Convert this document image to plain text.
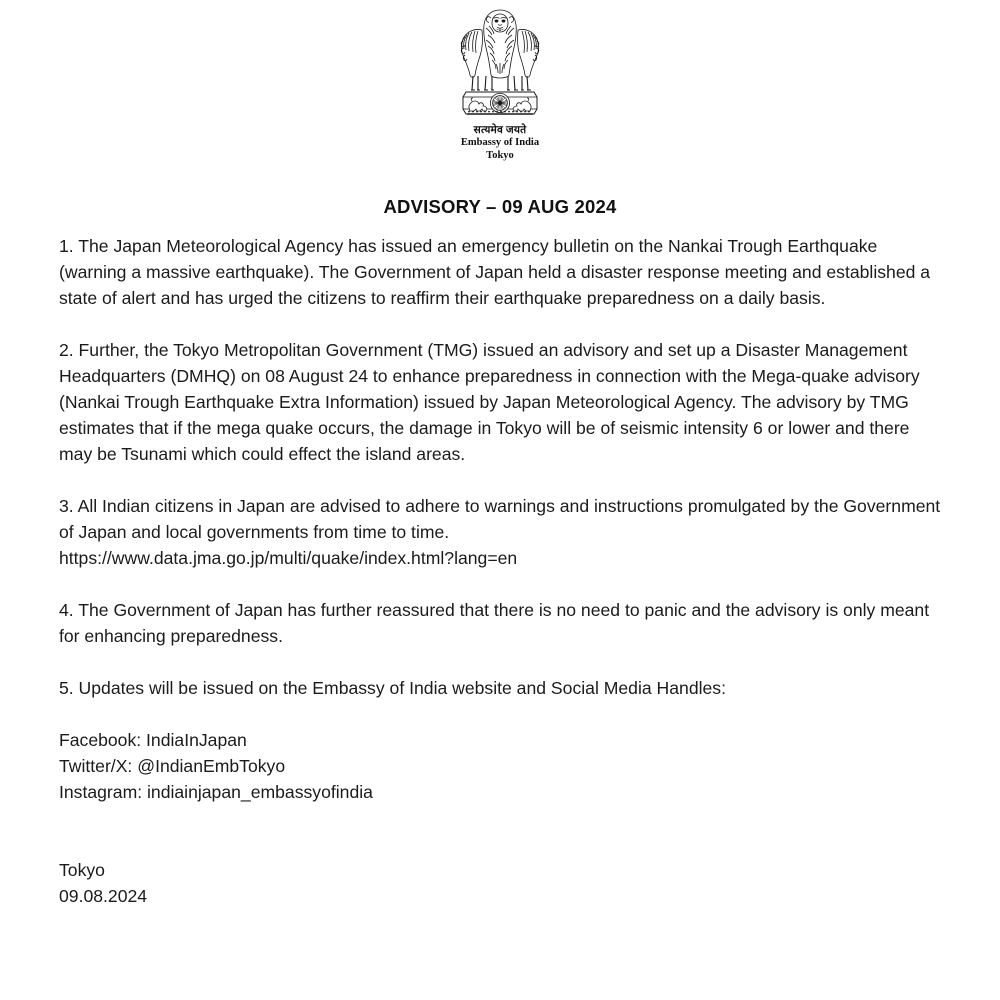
सत्यमेव जयते
Embassy of India
Tokyo
ADVISORY – 09 AUG 2024

1. The Japan Meteorological Agency has issued an emergency bulletin on the Nankai Trough Earthquake (warning a massive earthquake). The Government of Japan held a disaster response meeting and established a state of alert and has urged the citizens to reaffirm their earthquake preparedness on a daily basis.

2. Further, the Tokyo Metropolitan Government (TMG) issued an advisory and set up a Disaster Management Headquarters (DMHQ) on 08 August 24 to enhance preparedness in connection with the Mega-quake advisory (Nankai Trough Earthquake Extra Information) issued by Japan Meteorological Agency. The advisory by TMG estimates that if the mega quake occurs, the damage in Tokyo will be of seismic intensity 6 or lower and there may be Tsunami which could effect the island areas.

3. All Indian citizens in Japan are advised to adhere to warnings and instructions promulgated by the Government of Japan and local governments from time to time.

https://www.data.jma.go.jp/multi/quake/index.html?lang=en

4. The Government of Japan has further reassured that there is no need to panic and the advisory is only meant for enhancing preparedness.

5. Updates will be issued on the Embassy of India website and Social Media Handles:

Facebook: IndiaInJapan
Twitter/X: @IndianEmbTokyo
Instagram: indiainjapan_embassyofindia
Tokyo
09.08.2024
